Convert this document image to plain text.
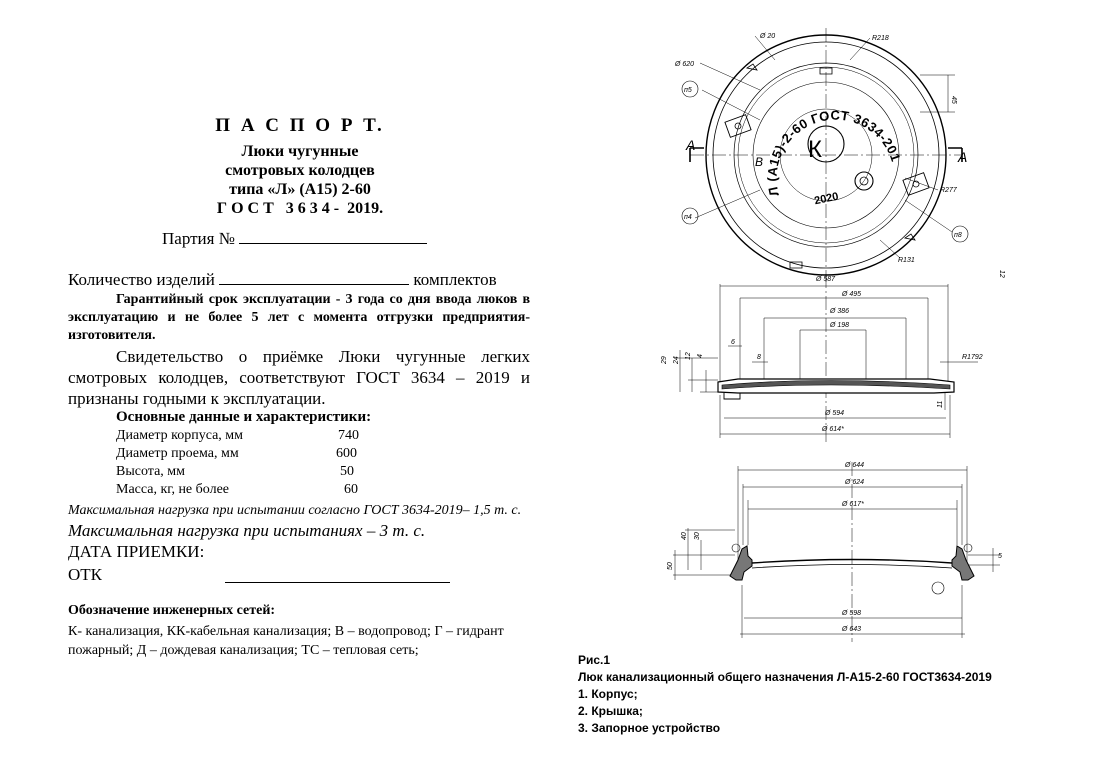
П А С П О Р Т.
Люки чугунные
смотровых колодцев
типа «Л» (А15) 2-60
Г О С Т   3 6 3 4 -  2019.
Партия №
Количество изделий	комплектов
Гарантийный срок эксплуатации - 3 года со дня ввода люков в эксплуатацию и не более 5 лет с момента отгрузки предприятия- изготовителя.
Свидетельство о приёмке Люки чугунные легких смотровых колодцев, соответствуют ГОСТ 3634 – 2019 и признаны годными к эксплуатации.
Основные данные и характеристики:
Диаметр корпуса, мм	740
Диаметр проема, мм	600
Высота, мм	50
Масса, кг, не более	60
Максимальная нагрузка при испытании согласно ГОСТ 3634-2019– 1,5 т. с. Максимальная нагрузка при испытаниях – 3 т. с.
ДАТА ПРИЕМКИ:
ОТК
Обозначение инженерных сетей:
К- канализация, КК-кабельная канализация; В – водопровод; Г – гидрант пожарный; Д – дождевая канализация; ТС – тепловая сеть;
К
Л (А15)-2-60 ГОСТ 3634-201
2020
А
А
В
Ø 20	R218
Ø 620
45
R277
R131
п5
п4
п8
12
Ø 587
Ø 495
Ø 386
Ø 198
Ø 594
Ø 614*
6
8
4
12
24
29	R1792
11
Ø 644
Ø 624
Ø 617*
Ø 598
Ø 643
40 30
50
5
Рис.1
Люк канализационный общего назначения Л-А15-2-60 ГОСТ3634-2019
1. Корпус;
2. Крышка;
3. Запорное устройство
